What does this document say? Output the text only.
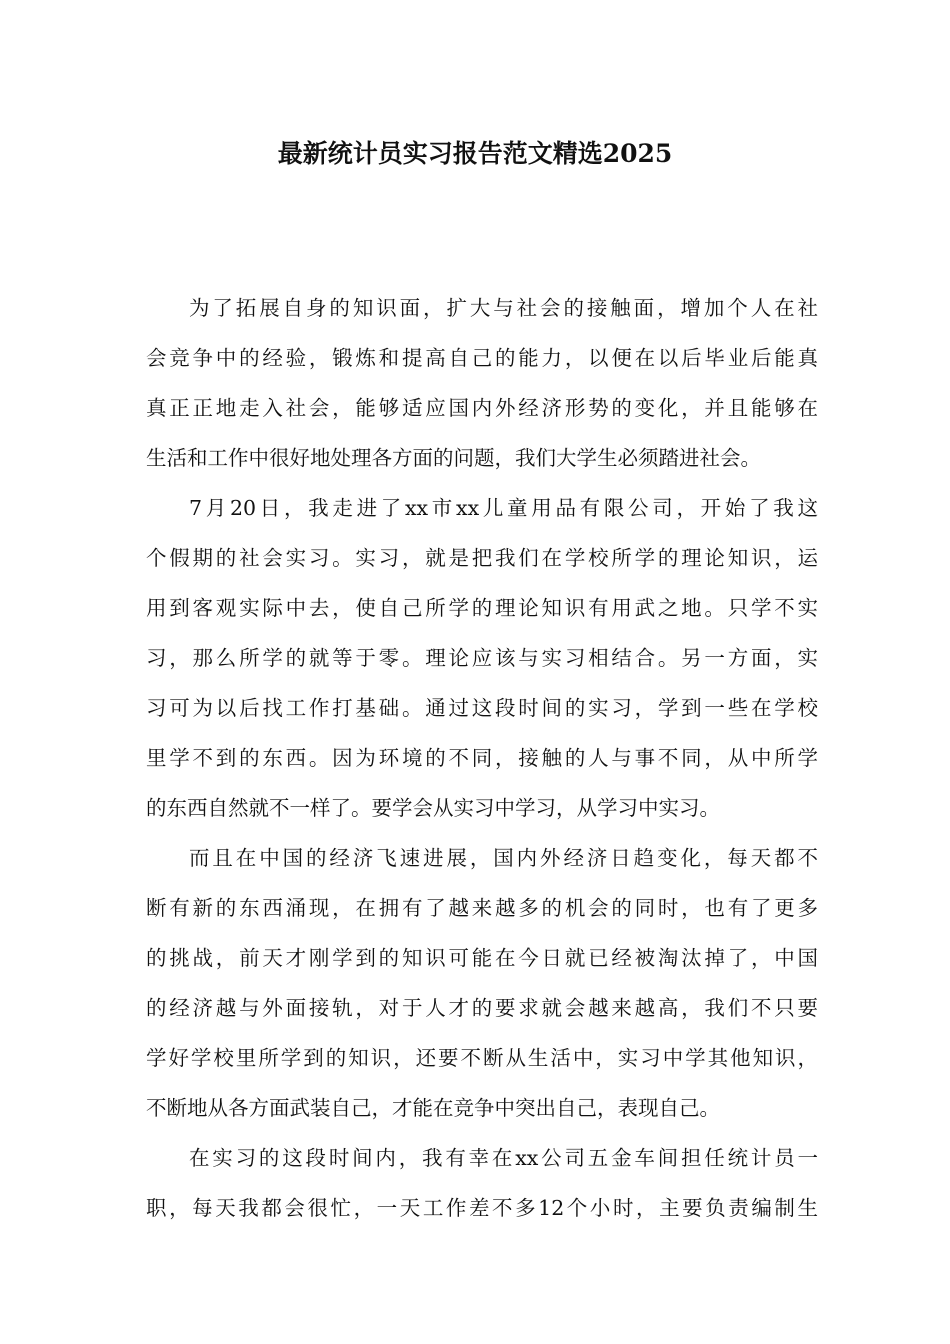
最新统计员实习报告范文精选2025
为了拓展自身的知识面，扩大与社会的接触面，增加个人在社
会竞争中的经验，锻炼和提高自己的能力，以便在以后毕业后能真
真正正地走入社会，能够适应国内外经济形势的变化，并且能够在
生活和工作中很好地处理各方面的问题，我们大学生必须踏进社会。
7月20日，我走进了xx市xx儿童用品有限公司，开始了我这
个假期的社会实习。实习，就是把我们在学校所学的理论知识，运
用到客观实际中去，使自己所学的理论知识有用武之地。只学不实
习，那么所学的就等于零。理论应该与实习相结合。另一方面，实
习可为以后找工作打基础。通过这段时间的实习，学到一些在学校
里学不到的东西。因为环境的不同，接触的人与事不同，从中所学
的东西自然就不一样了。要学会从实习中学习，从学习中实习。
而且在中国的经济飞速进展，国内外经济日趋变化，每天都不
断有新的东西涌现，在拥有了越来越多的机会的同时，也有了更多
的挑战，前天才刚学到的知识可能在今日就已经被淘汰掉了，中国
的经济越与外面接轨，对于人才的要求就会越来越高，我们不只要
学好学校里所学到的知识，还要不断从生活中，实习中学其他知识，
不断地从各方面武装自己，才能在竞争中突出自己，表现自己。
在实习的这段时间内，我有幸在xx公司五金车间担任统计员一
职，每天我都会很忙，一天工作差不多12个小时，主要负责编制生
